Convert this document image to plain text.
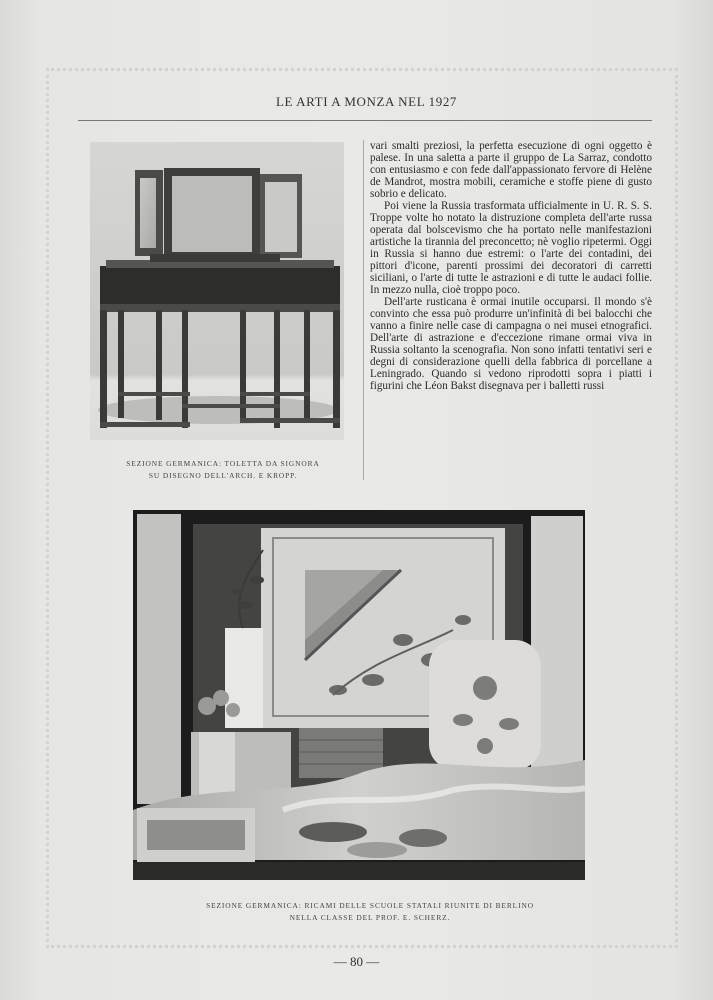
LE ARTI A MONZA NEL 1927
SEZIONE GERMANICA: TOLETTA DA SIGNORA
SU DISEGNO DELL'ARCH. E KROPP.

vari smalti preziosi, la perfetta esecuzione di ogni oggetto è palese. In una saletta a parte il gruppo de La Sarraz, condotto con entusiasmo e con fede dall'appassionato fervore di Helène de Mandrot, mostra mobili, ceramiche e stoffe piene di gusto sobrio e delicato.

Poi viene la Russia trasformata ufficialmente in U. R. S. S. Troppe volte ho notato la distruzione completa dell'arte russa operata dal bolscevismo che ha portato nelle manifestazioni artistiche la tirannia del preconcetto; nè voglio ripetermi. Oggi in Russia si hanno due estremi: o l'arte dei contadini, dei pittori d'icone, parenti prossimi dei decoratori di carretti siciliani, o l'arte di tutte le astrazioni e di tutte le audaci follie. In mezzo nulla, cioè troppo poco.

Dell'arte rusticana è ormai inutile occuparsi. Il mondo s'è convinto che essa può produrre un'infinità di bei balocchi che vanno a finire nelle case di campagna o nei musei etnografici. Dell'arte di astrazione e d'eccezione rimane ormai viva in Russia soltanto la scenografia. Non sono infatti tentativi seri e degni di considerazione quelli della fabbrica di porcellane a Leningrado. Quando si vedono riprodotti sopra i piatti i figurini che Léon Bakst disegnava per i balletti russi

SEZIONE GERMANICA: RICAMI DELLE SCUOLE STATALI RIUNITE DI BERLINO
NELLA CLASSE DEL PROF. E. SCHERZ.
— 80 —
